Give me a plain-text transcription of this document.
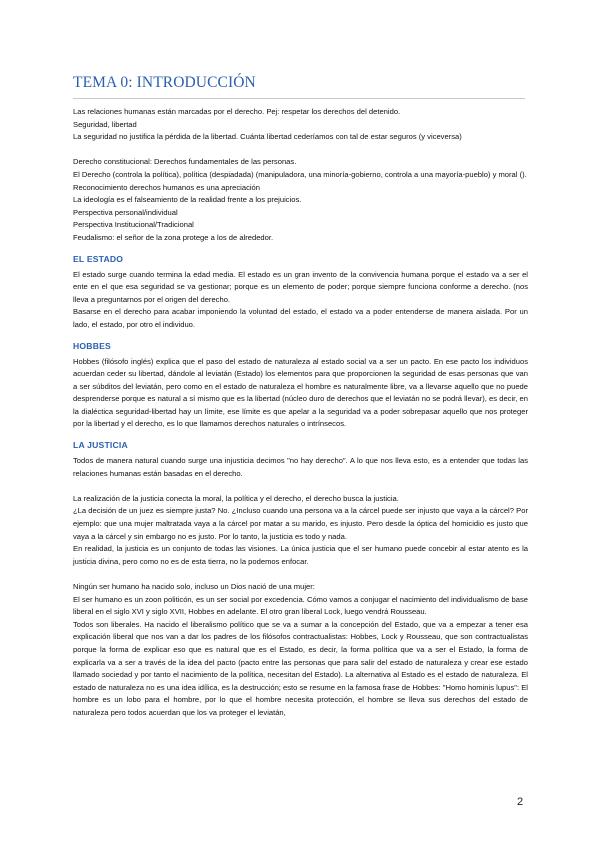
TEMA 0: INTRODUCCIÓN

Las relaciones humanas están marcadas por el derecho. Pej: respetar los derechos del detenido.

Seguridad, libertad

La seguridad no justifica la pérdida de la libertad. Cuánta libertad cederíamos con tal de estar seguros (y viceversa)

Derecho constitucional: Derechos fundamentales de las personas.

El Derecho (controla la política), política (despiadada) (manipuladora, una minoría-gobierno, controla a una mayoría-pueblo) y moral ().

Reconocimiento derechos humanos es una apreciación

La ideología es el falseamiento de la realidad frente a los prejuicios.

Perspectiva personal/individual

Perspectiva Institucional/Tradicional

Feudalismo: el señor de la zona protege a los de alrededor.

EL ESTADO

El estado surge cuando termina la edad media. El estado es un gran invento de la convivencia humana porque el estado va a ser el ente en el que esa seguridad se va gestionar; porque es un elemento de poder; porque siempre funciona conforme a derecho. (nos lleva a preguntarnos por el origen del derecho.

Basarse en el derecho para acabar imponiendo la voluntad del estado, el estado va a poder entenderse de manera aislada. Por un lado, el estado, por otro el individuo.

HOBBES

Hobbes (filósofo inglés) explica que el paso del estado de naturaleza al estado social va a ser un pacto. En ese pacto los individuos acuerdan ceder su libertad, dándole al leviatán (Estado) los elementos para que proporcionen la seguridad de esas personas que van a ser súbditos del leviatán, pero como en el estado de naturaleza el hombre es naturalmente libre, va a llevarse aquello que no puede desprenderse porque es natural a sí mismo que es la libertad (núcleo duro de derechos que el leviatán no se podrá llevar), es decir, en la dialéctica seguridad-libertad hay un límite, ese límite es que apelar a la seguridad va a poder sobrepasar aquello que nos proteger por la libertad y el derecho, es lo que llamamos derechos naturales o intrínsecos.

LA JUSTICIA

Todos de manera natural cuando surge una injusticia decimos "no hay derecho". A lo que nos lleva esto, es a entender que todas las relaciones humanas están basadas en el derecho.

La realización de la justicia conecta la moral, la política y el derecho, el derecho busca la justicia.

¿La decisión de un juez es siempre justa? No. ¿Incluso cuando una persona va a la cárcel puede ser injusto que vaya a la cárcel? Por ejemplo: que una mujer maltratada vaya a la cárcel por matar a su marido, es injusto. Pero desde la óptica del homicidio es justo que vaya a la cárcel y sin embargo no es justo. Por lo tanto, la justicia es todo y nada.

En realidad, la justicia es un conjunto de todas las visiones. La única justicia que el ser humano puede concebir al estar atento es la justicia divina, pero como no es de esta tierra, no la podemos enfocar.

Ningún ser humano ha nacido solo, incluso un Dios nació de una mujer:

El ser humano es un zoon politicón, es un ser social por excedencia. Cómo vamos a conjugar el nacimiento del individualismo de base liberal en el siglo XVI y siglo XVII, Hobbes en adelante. El otro gran liberal Lock, luego vendrá Rousseau.

Todos son liberales. Ha nacido el liberalismo político que se va a sumar a la concepción del Estado, que va a empezar a tener esa explicación liberal que nos van a dar los padres de los filósofos contractualistas: Hobbes, Lock y Rousseau, que son contractualistas porque la forma de explicar eso que es natural que es el Estado, es decir, la forma política que va a ser el Estado, la forma de explicarla va a ser a través de la idea del pacto (pacto entre las personas que para salir del estado de naturaleza y crear ese estado llamado sociedad y por tanto el nacimiento de la política, necesitan del Estado). La alternativa al Estado es el estado de naturaleza. El estado de naturaleza no es una idea idílica, es la destrucción; esto se resume en la famosa frase de Hobbes: "Homo hominis lupus": El hombre es un lobo para el hombre, por lo que el hombre necesita protección, el hombre se lleva sus derechos del estado de naturaleza pero todos acuerdan que los va proteger el leviatán,

2
